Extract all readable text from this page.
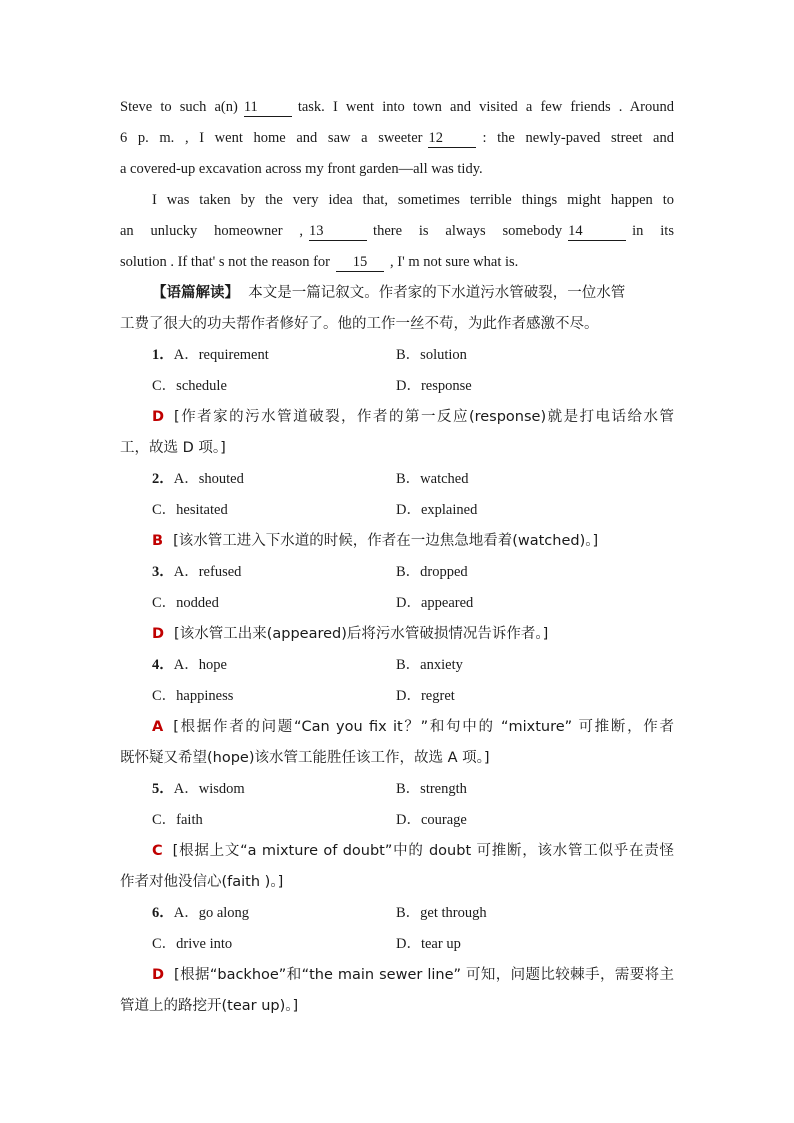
Steve to such a(n) 11	task. I went into town and visited a few friends . Around
6 p. m. , I went home and saw a sweeter 12	: the newly-paved street and
a covered-up excavation across my front garden—all was tidy.
I was taken by the very idea that, sometimes terrible things might happen to
an unlucky homeowner , 13	there is always somebody 14	in its
solution . If that' s not the reason for 15 , I' m not sure what is.
【语篇解读】 本文是一篇记叙文。作者家的下水道污水管破裂，一位水管
工费了很大的功夫帮作者修好了。他的工作一丝不苟，为此作者感激不尽。
1．A．requirement	B．solution
C．schedule	D．response
D [作者家的污水管道破裂，作者的第一反应(response)就是打电话给水管
工，故选 D 项。]
2．A．shouted	B．watched
C．hesitated	D．explained
B [该水管工进入下水道的时候，作者在一边焦急地看着(watched)。]
3．A．refused	B．dropped
C．nodded	D．appeared
D [该水管工出来(appeared)后将污水管破损情况告诉作者。]
4．A．hope	B．anxiety
C．happiness	D．regret
A [根据作者的问题“Can you fix it？”和句中的 “mixture” 可推断，作者
既怀疑又希望(hope)该水管工能胜任该工作，故选 A 项。]
5．A．wisdom	B．strength
C．faith	D．courage
C [根据上文“a mixture of doubt”中的 doubt 可推断，该水管工似乎在责怪
作者对他没信心(faith )。]
6．A．go along	B．get through
C．drive into	D．tear up
D [根据“backhoe”和“the main sewer line” 可知，问题比较棘手，需要将主
管道上的路挖开(tear up)。]
